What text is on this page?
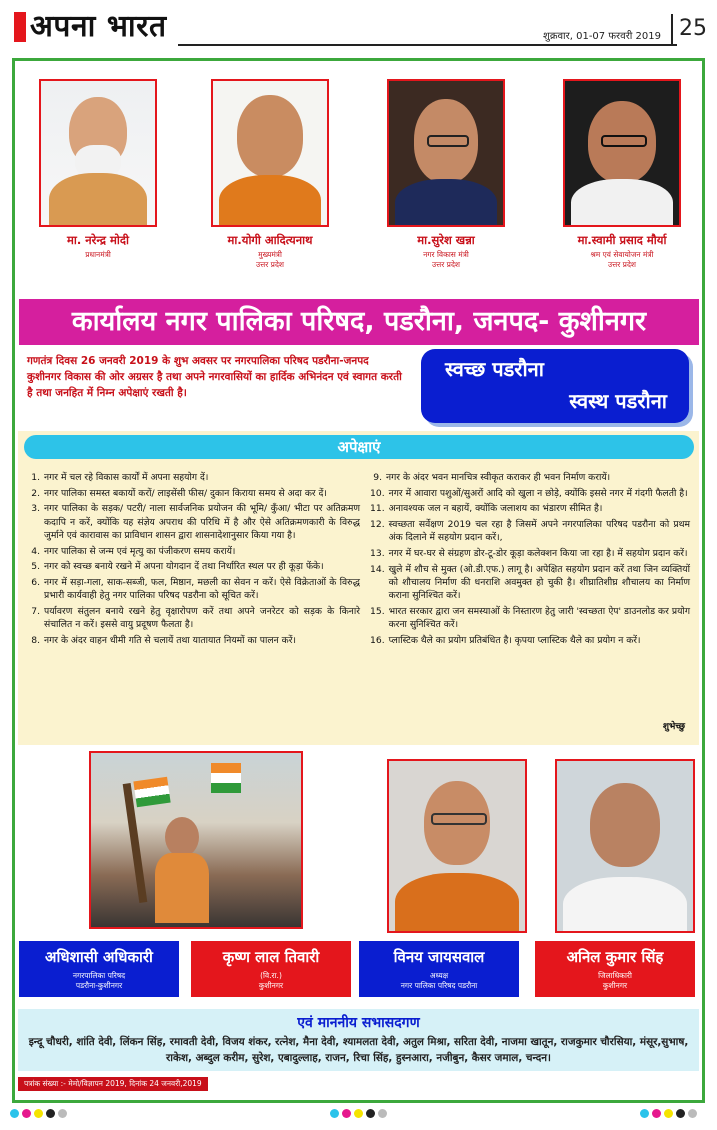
अपना भारत	शुक्रवार, 01-07 फरवरी 2019 25
मा. नरेन्द्र मोदी
प्रधानमंत्री
मा.योगी आदित्यनाथ
मुख्यमंत्री
उत्तर प्रदेश
मा.सुरेश खन्ना
नगर विकास मंत्री
उत्तर प्रदेश
मा.स्वामी प्रसाद मौर्या
श्रम एवं सेवायोजन मंत्री
उत्तर प्रदेश
कार्यालय नगर पालिका परिषद, पडरौना, जनपद- कुशीनगर
गणतंत्र दिवस 26 जनवरी 2019 के शुभ अवसर पर नगरपालिका परिषद पडरौना-जनपद कुशीनगर विकास की ओर अग्रसर है तथा अपने नगरवासियों का हार्दिक अभिनंदन एवं स्वागत करती है तथा जनहित में निम्न अपेक्षाएं रखती है।
स्वच्छ पडरौना
स्वस्थ पडरौना
अपेक्षाएं
1. नगर में चल रहे विकास कार्यों में अपना सहयोग दें।
2. नगर पालिका समस्त बकायों करों/ लाइसेंसी फीस/ दुकान किराया समय से अदा कर दें।
3. नगर पालिका के सड़क/ पटरी/ नाला सार्वजनिक प्रयोजन की भूमि/ कुँआ/ भीटा पर अतिक्रमण कदापि न करें, क्योंकि यह संज्ञेय अपराध की परिधि में है और ऐसे अतिक्रमणकारी के विरुद्ध जुर्माने एवं कारावास का प्राविधान शासन द्वारा शासनादेशानुसार किया गया है।
4. नगर पालिका से जन्म एवं मृत्यु का पंजीकरण समय करायें।
5. नगर को स्वच्छ बनाये रखने में अपना योगदान दें तथा निर्धारित स्थल पर ही कूड़ा फेंके।
6. नगर में सड़ा-गला, साक-सब्जी, फल, मिष्ठान, मछली का सेवन न करें। ऐसे विक्रेताओं के विरुद्ध प्रभारी कार्यवाही हेतु नगर पालिका परिषद पडरौना को सूचित करें।
7. पर्यावरण संतुलन बनाये रखने हेतु वृक्षारोपण करें तथा अपने जनरेटर को सड़क के किनारे संचालित न करें। इससे वायु प्रदूषण फैलता है।
8. नगर के अंदर वाहन धीमी गति से चलायें तथा यातायात नियमों का पालन करें।
9. नगर के अंदर भवन मानचित्र स्वीकृत कराकर ही भवन निर्माण करायें।
10. नगर में आवारा पशुओं/सुअरों आदि को खुला न छोड़े, क्योंकि इससे नगर में गंदगी फैलती है।
11. अनावश्यक जल न बहायें, क्योंकि जलाशय का भंडारण सीमित है।
12. स्वच्छता सर्वेक्षण 2019 चल रहा है जिसमें अपने नगरपालिका परिषद पडरौना को प्रथम अंक दिलाने में सहयोग प्रदान करें।,
13. नगर में घर-घर से संग्रहण डोर-टू-डोर कूड़ा कलेक्शन किया जा रहा है। में सहयोग प्रदान करें।
14. खुले में शौच से मुक्त (ओ.डी.एफ.) लागू है। अपेक्षित सहयोग प्रदान करें तथा जिन व्यक्तियों को शौचालय निर्माण की धनराशि अवमुक्त हो चुकी है। शीघ्रातिशीघ्र शौचालय का निर्माण कराना सुनिश्चित करें।
15. भारत सरकार द्वारा जन समस्याओं के निस्तारण हेतु जारी 'स्वच्छता ऐप' डाउनलोड कर प्रयोग करना सुनिश्चित करें।
16. प्लास्टिक थैले का प्रयोग प्रतिबंधित है। कृपया प्लास्टिक थैले का प्रयोग न करें।
शुभेच्छु
अधिशासी अधिकारी
नगरपालिका परिषद
पडरौना-कुशीनगर
कृष्ण लाल तिवारी
(वि.रा.)
कुशीनगर
विनय जायसवाल
अध्यक्ष
नगर पालिका परिषद पडरौना
अनिल कुमार सिंह
जिलाधिकारी
कुशीनगर
एवं माननीय सभासदगण
इन्दू चौधरी, शांति देवी, लिंकन सिंह, रमावती देवी, विजय शंकर, रत्नेश, मैना देवी, श्यामलता देवी, अतुल मिश्रा, सरिता देवी, नाजमा खातून, राजकुमार चौरसिया, मंसूर,सुभाष, राकेश, अब्दुल करीम, सुरेश, एबादुल्लाह, राजन, रिचा सिंह, हुस्नआरा, नजीबुन, कैसर जमाल, चन्दन।
पत्रांक संख्या :- मेमो/विज्ञापन 2019, दिनांक 24 जनवरी,2019
